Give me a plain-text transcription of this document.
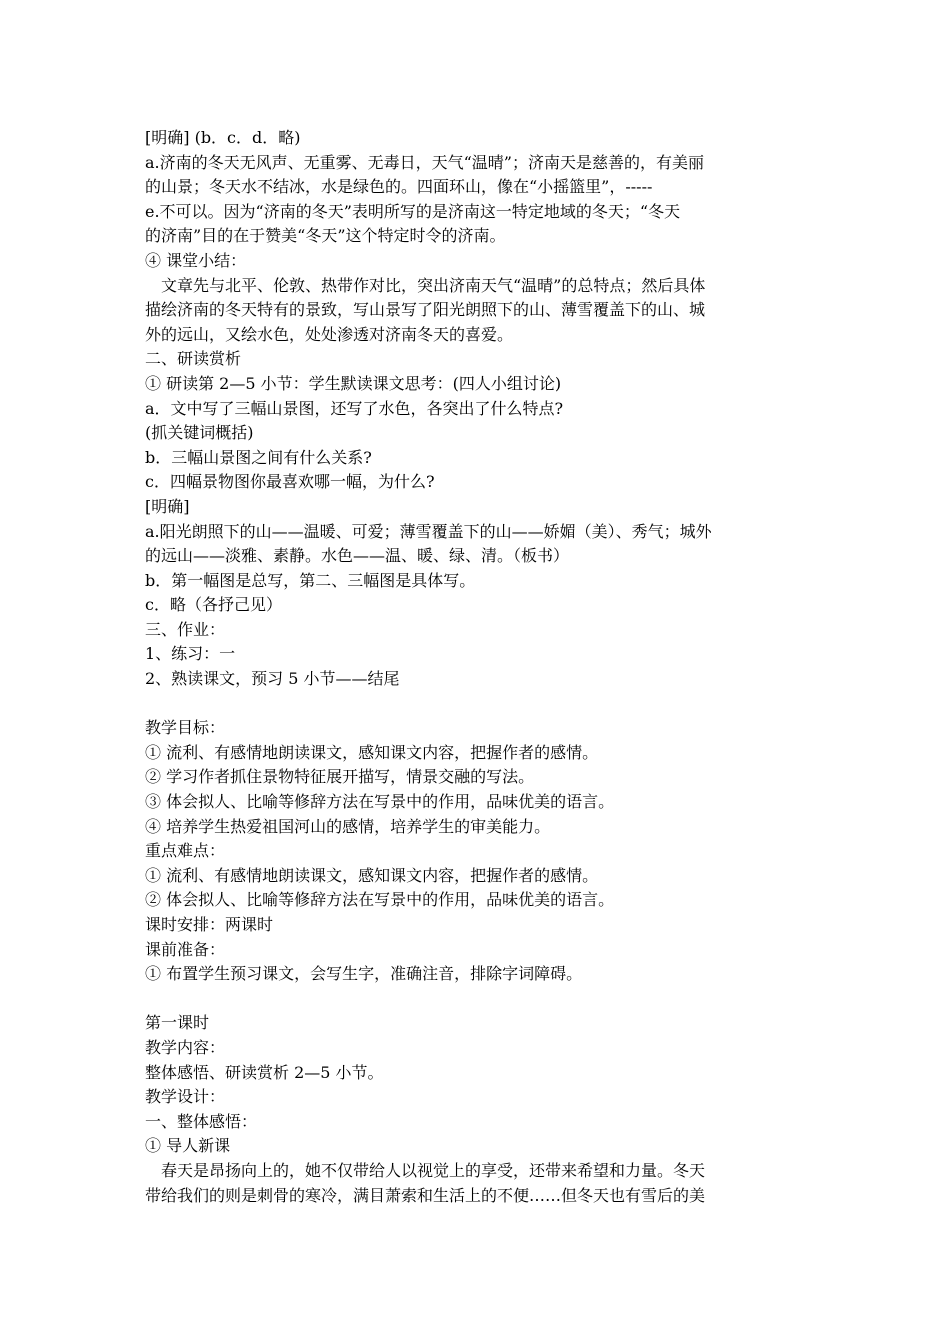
[明确] (b．c．d．略)
a.济南的冬天无风声、无重雾、无毒日，天气“温晴”；济南天是慈善的，有美丽
的山景；冬天水不结冰，水是绿色的。四面环山，像在“小摇篮里”，-----
e.不可以。因为“济南的冬天”表明所写的是济南这一特定地域的冬天；“冬天
的济南”目的在于赞美“冬天”这个特定时令的济南。
④ 课堂小结：
文章先与北平、伦敦、热带作对比，突出济南天气“温晴”的总特点；然后具体
描绘济南的冬天特有的景致，写山景写了阳光朗照下的山、薄雪覆盖下的山、城
外的远山，又绘水色，处处渗透对济南冬天的喜爱。
二、研读赏析
① 研读第 2—5 小节：学生默读课文思考：(四人小组讨论)
a．文中写了三幅山景图，还写了水色，各突出了什么特点?
(抓关键词概括)
b．三幅山景图之间有什么关系?
c．四幅景物图你最喜欢哪一幅，为什么?
[明确]
a.阳光朗照下的山——温暖、可爱；薄雪覆盖下的山——娇媚（美）、秀气；城外
的远山——淡雅、素静。水色——温、暖、绿、清。（板书）
b．第一幅图是总写，第二、三幅图是具体写。
c．略（各抒己见）
三、作业：
1、练习：一
2、熟读课文，预习 5 小节——结尾
教学目标：
① 流利、有感情地朗读课文，感知课文内容，把握作者的感情。
② 学习作者抓住景物特征展开描写，情景交融的写法。
③ 体会拟人、比喻等修辞方法在写景中的作用，品味优美的语言。
④ 培养学生热爱祖国河山的感情，培养学生的审美能力。
重点难点：
① 流利、有感情地朗读课文，感知课文内容，把握作者的感情。
② 体会拟人、比喻等修辞方法在写景中的作用，品味优美的语言。
课时安排：两课时
课前准备：
① 布置学生预习课文，会写生字，准确注音，排除字词障碍。
第一课时
教学内容：
整体感悟、研读赏析 2—5 小节。
教学设计：
一、整体感悟：
① 导人新课
春天是昂扬向上的，她不仅带给人以视觉上的享受，还带来希望和力量。冬天
带给我们的则是刺骨的寒冷，满目萧索和生活上的不便……但冬天也有雪后的美
